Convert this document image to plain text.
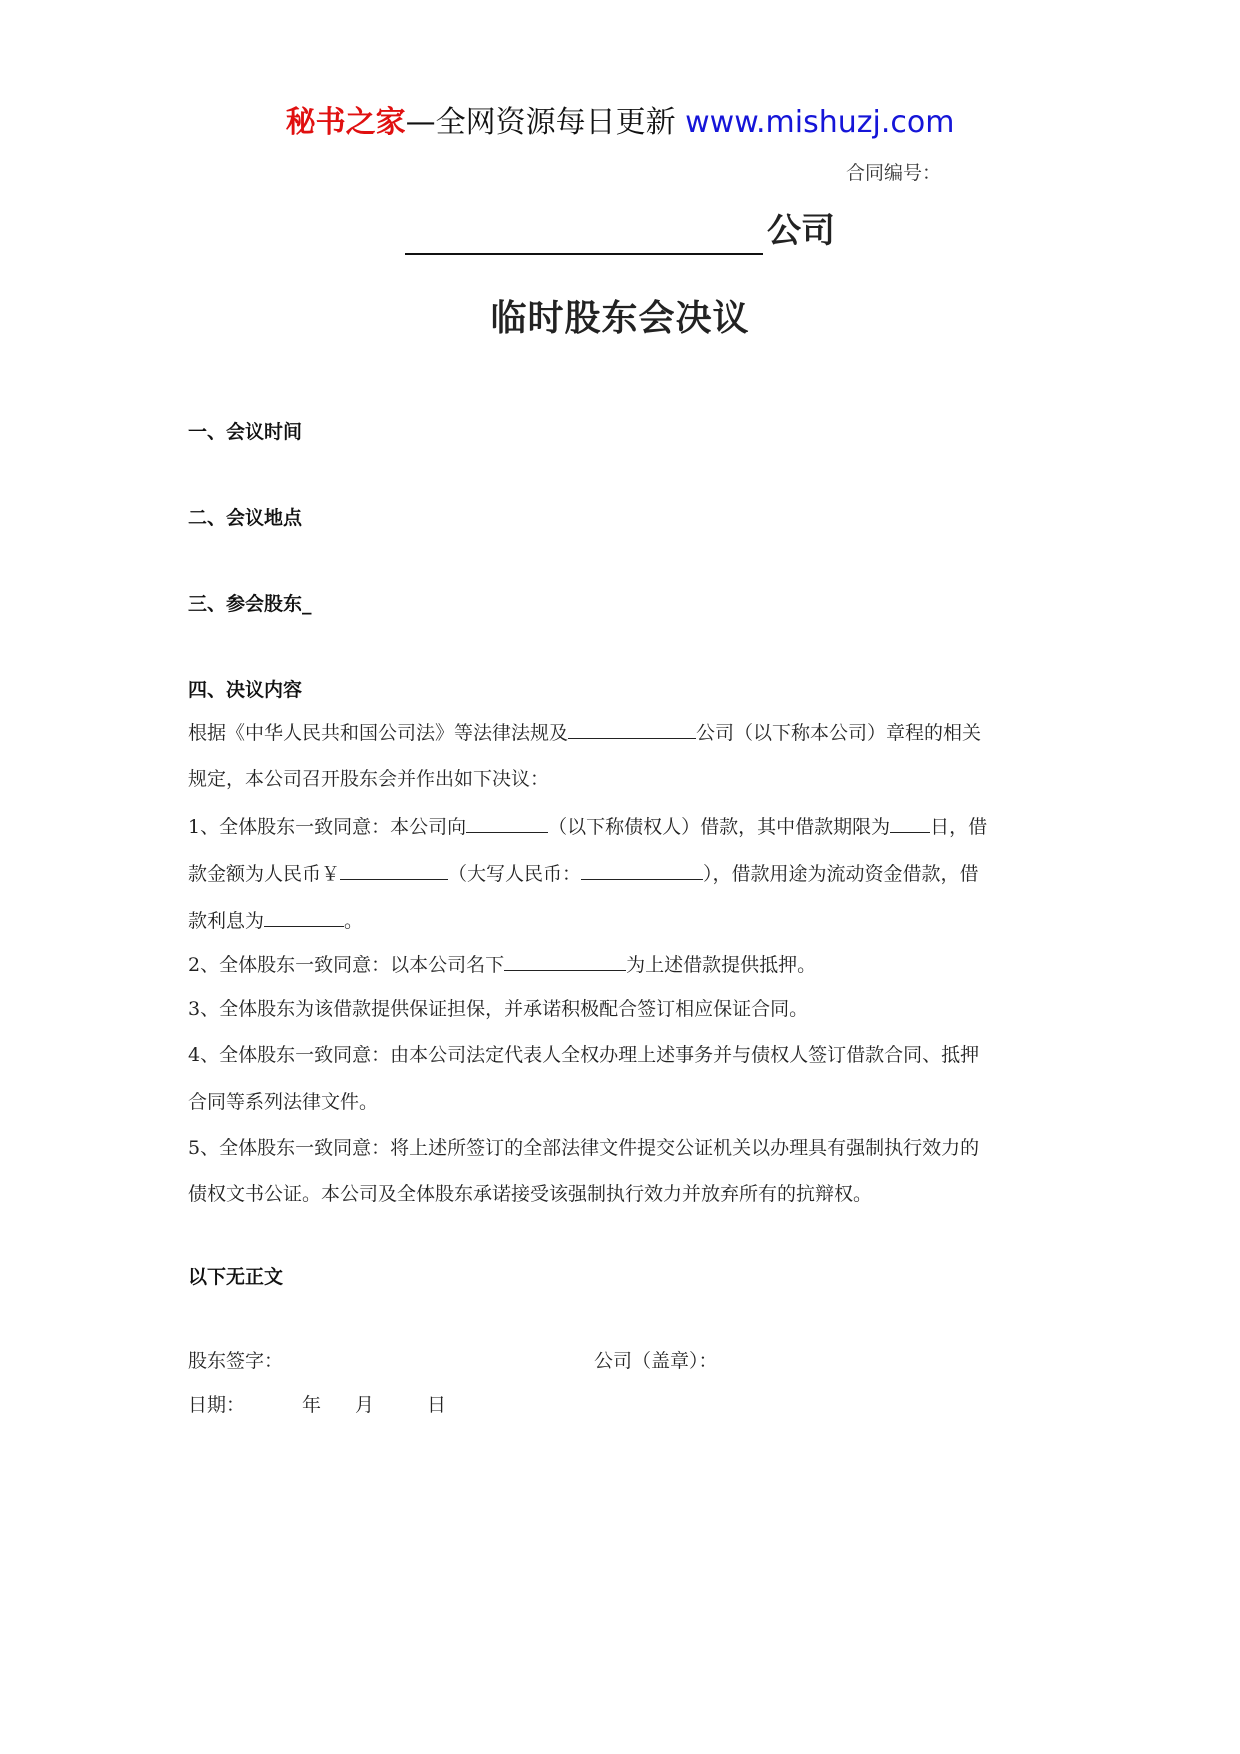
秘书之家—全网资源每日更新 www.mishuzj.com
合同编号：
公司
临时股东会决议
一、会议时间
二、会议地点
三、参会股东_
四、决议内容
根据《中华人民共和国公司法》等法律法规及	公司（以下称本公司）章程的相关
规定，本公司召开股东会并作出如下决议：
1、全体股东一致同意：本公司向	（以下称债权人）借款，其中借款期限为 日，借
款金额为人民币￥	（大写人民币：	），借款用途为流动资金借款，借
款利息为	。
2、全体股东一致同意：以本公司名下	为上述借款提供抵押。
3、全体股东为该借款提供保证担保，并承诺积极配合签订相应保证合同。
4、全体股东一致同意：由本公司法定代表人全权办理上述事务并与债权人签订借款合同、抵押
合同等系列法律文件。
5、全体股东一致同意：将上述所签订的全部法律文件提交公证机关以办理具有强制执行效力的
债权文书公证。本公司及全体股东承诺接受该强制执行效力并放弃所有的抗辩权。
以下无正文
股东签字：	公司（盖章）：
日期：	年 月	日
